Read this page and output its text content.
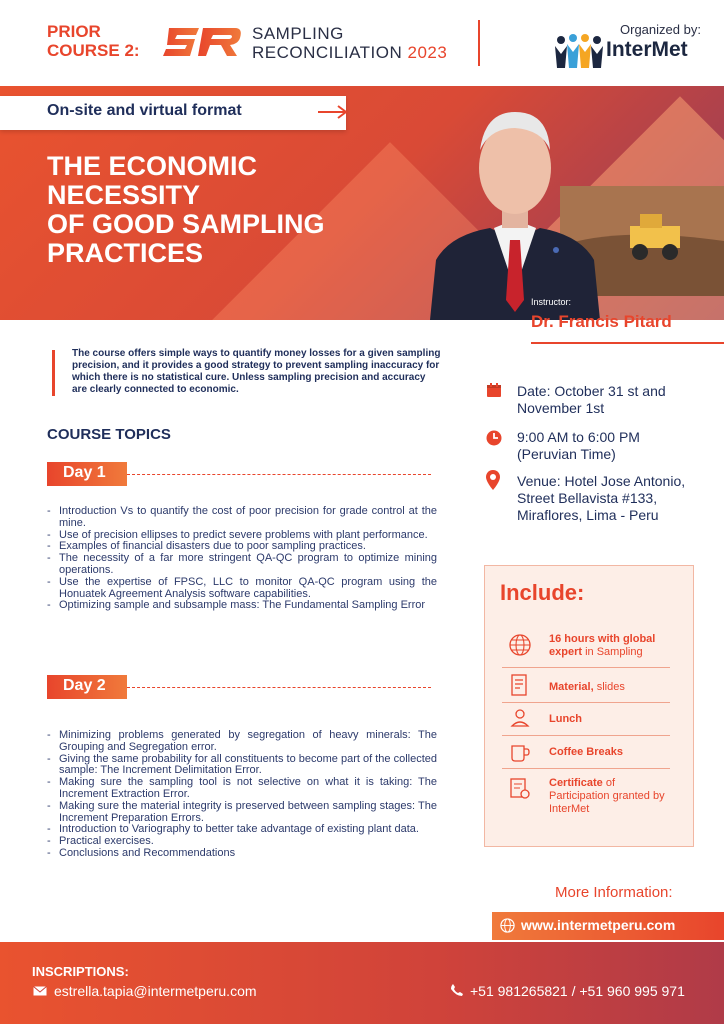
PRIOR
COURSE 2:
SAMPLING
RECONCILIATION 2023
Organized by:
InterMet
On-site and virtual format
THE ECONOMIC
NECESSITY
OF GOOD SAMPLING
PRACTICES
Instructor:
Dr. Francis Pitard
The course offers simple ways to quantify money losses for a given sampling precision, and it provides a good strategy to prevent sampling inaccuracy for which there is no statistical cure. Unless sampling precision and accuracy are clearly connected to economic.
COURSE TOPICS
Day 1
- Introduction Vs to quantify the cost of poor precision for grade control at the mine.
- Use of precision ellipses to predict severe problems with plant performance.
- Examples of financial disasters due to poor sampling practices.
- The necessity of a far more stringent QA-QC program to optimize mining operations.
- Use the expertise of FPSC, LLC to monitor QA-QC program using the Honuatek Agreement Analysis software capabilities.
- Optimizing sample and subsample mass: The Fundamental Sampling Error
Day 2
- Minimizing problems generated by segregation of heavy minerals: The Grouping and Segregation error.
- Giving the same probability for all constituents to become part of the collected sample: The Increment Delimitation Error.
- Making sure the sampling tool is not selective on what it is taking: The Increment Extraction Error.
- Making sure the material integrity is preserved between sampling stages: The Increment Preparation Errors.
- Introduction to Variography to better take advantage of existing plant data.
- Practical exercises.
- Conclusions and Recommendations
Date: October 31 st and
November 1st
9:00 AM to 6:00 PM
(Peruvian Time)
Venue: Hotel Jose Antonio,
Street Bellavista #133,
Miraflores, Lima - Peru
Include:
16 hours with global expert in Sampling
Material, slides
Lunch
Coffee Breaks
Certificate of Participation granted by InterMet
More Information:
www.intermetperu.com
INSCRIPTIONS:
estrella.tapia@intermetperu.com	+51 981265821 / +51 960 995 971
